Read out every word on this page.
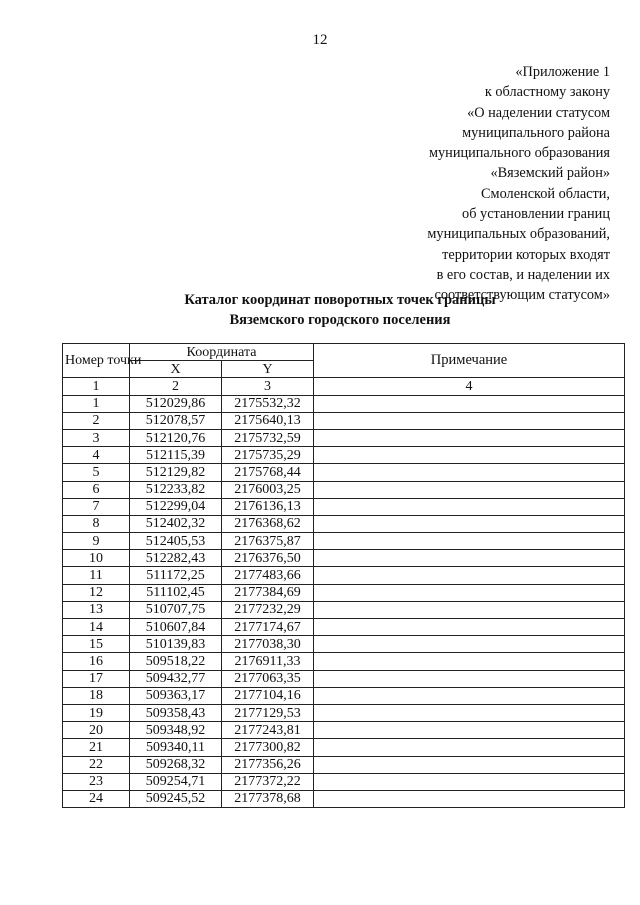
12
«Приложение 1
к областному закону
«О наделении статусом
муниципального района
муниципального образования
«Вяземский район»
Смоленской области,
об установлении границ
муниципальных образований,
территории которых входят
в его состав, и наделении их
соответствующим статусом»
Каталог координат поворотных точек границы
Вяземского городского поселения
Номер точки	Координата		Примечание
	X	Y	
1	2	3	4
1	512029,86	2175532,32	
2	512078,57	2175640,13	
3	512120,76	2175732,59	
4	512115,39	2175735,29	
5	512129,82	2175768,44	
6	512233,82	2176003,25	
7	512299,04	2176136,13	
8	512402,32	2176368,62	
9	512405,53	2176375,87	
10	512282,43	2176376,50	
11	511172,25	2177483,66	
12	511102,45	2177384,69	
13	510707,75	2177232,29	
14	510607,84	2177174,67	
15	510139,83	2177038,30	
16	509518,22	2176911,33	
17	509432,77	2177063,35	
18	509363,17	2177104,16	
19	509358,43	2177129,53	
20	509348,92	2177243,81	
21	509340,11	2177300,82	
22	509268,32	2177356,26	
23	509254,71	2177372,22	
24	509245,52	2177378,68	
